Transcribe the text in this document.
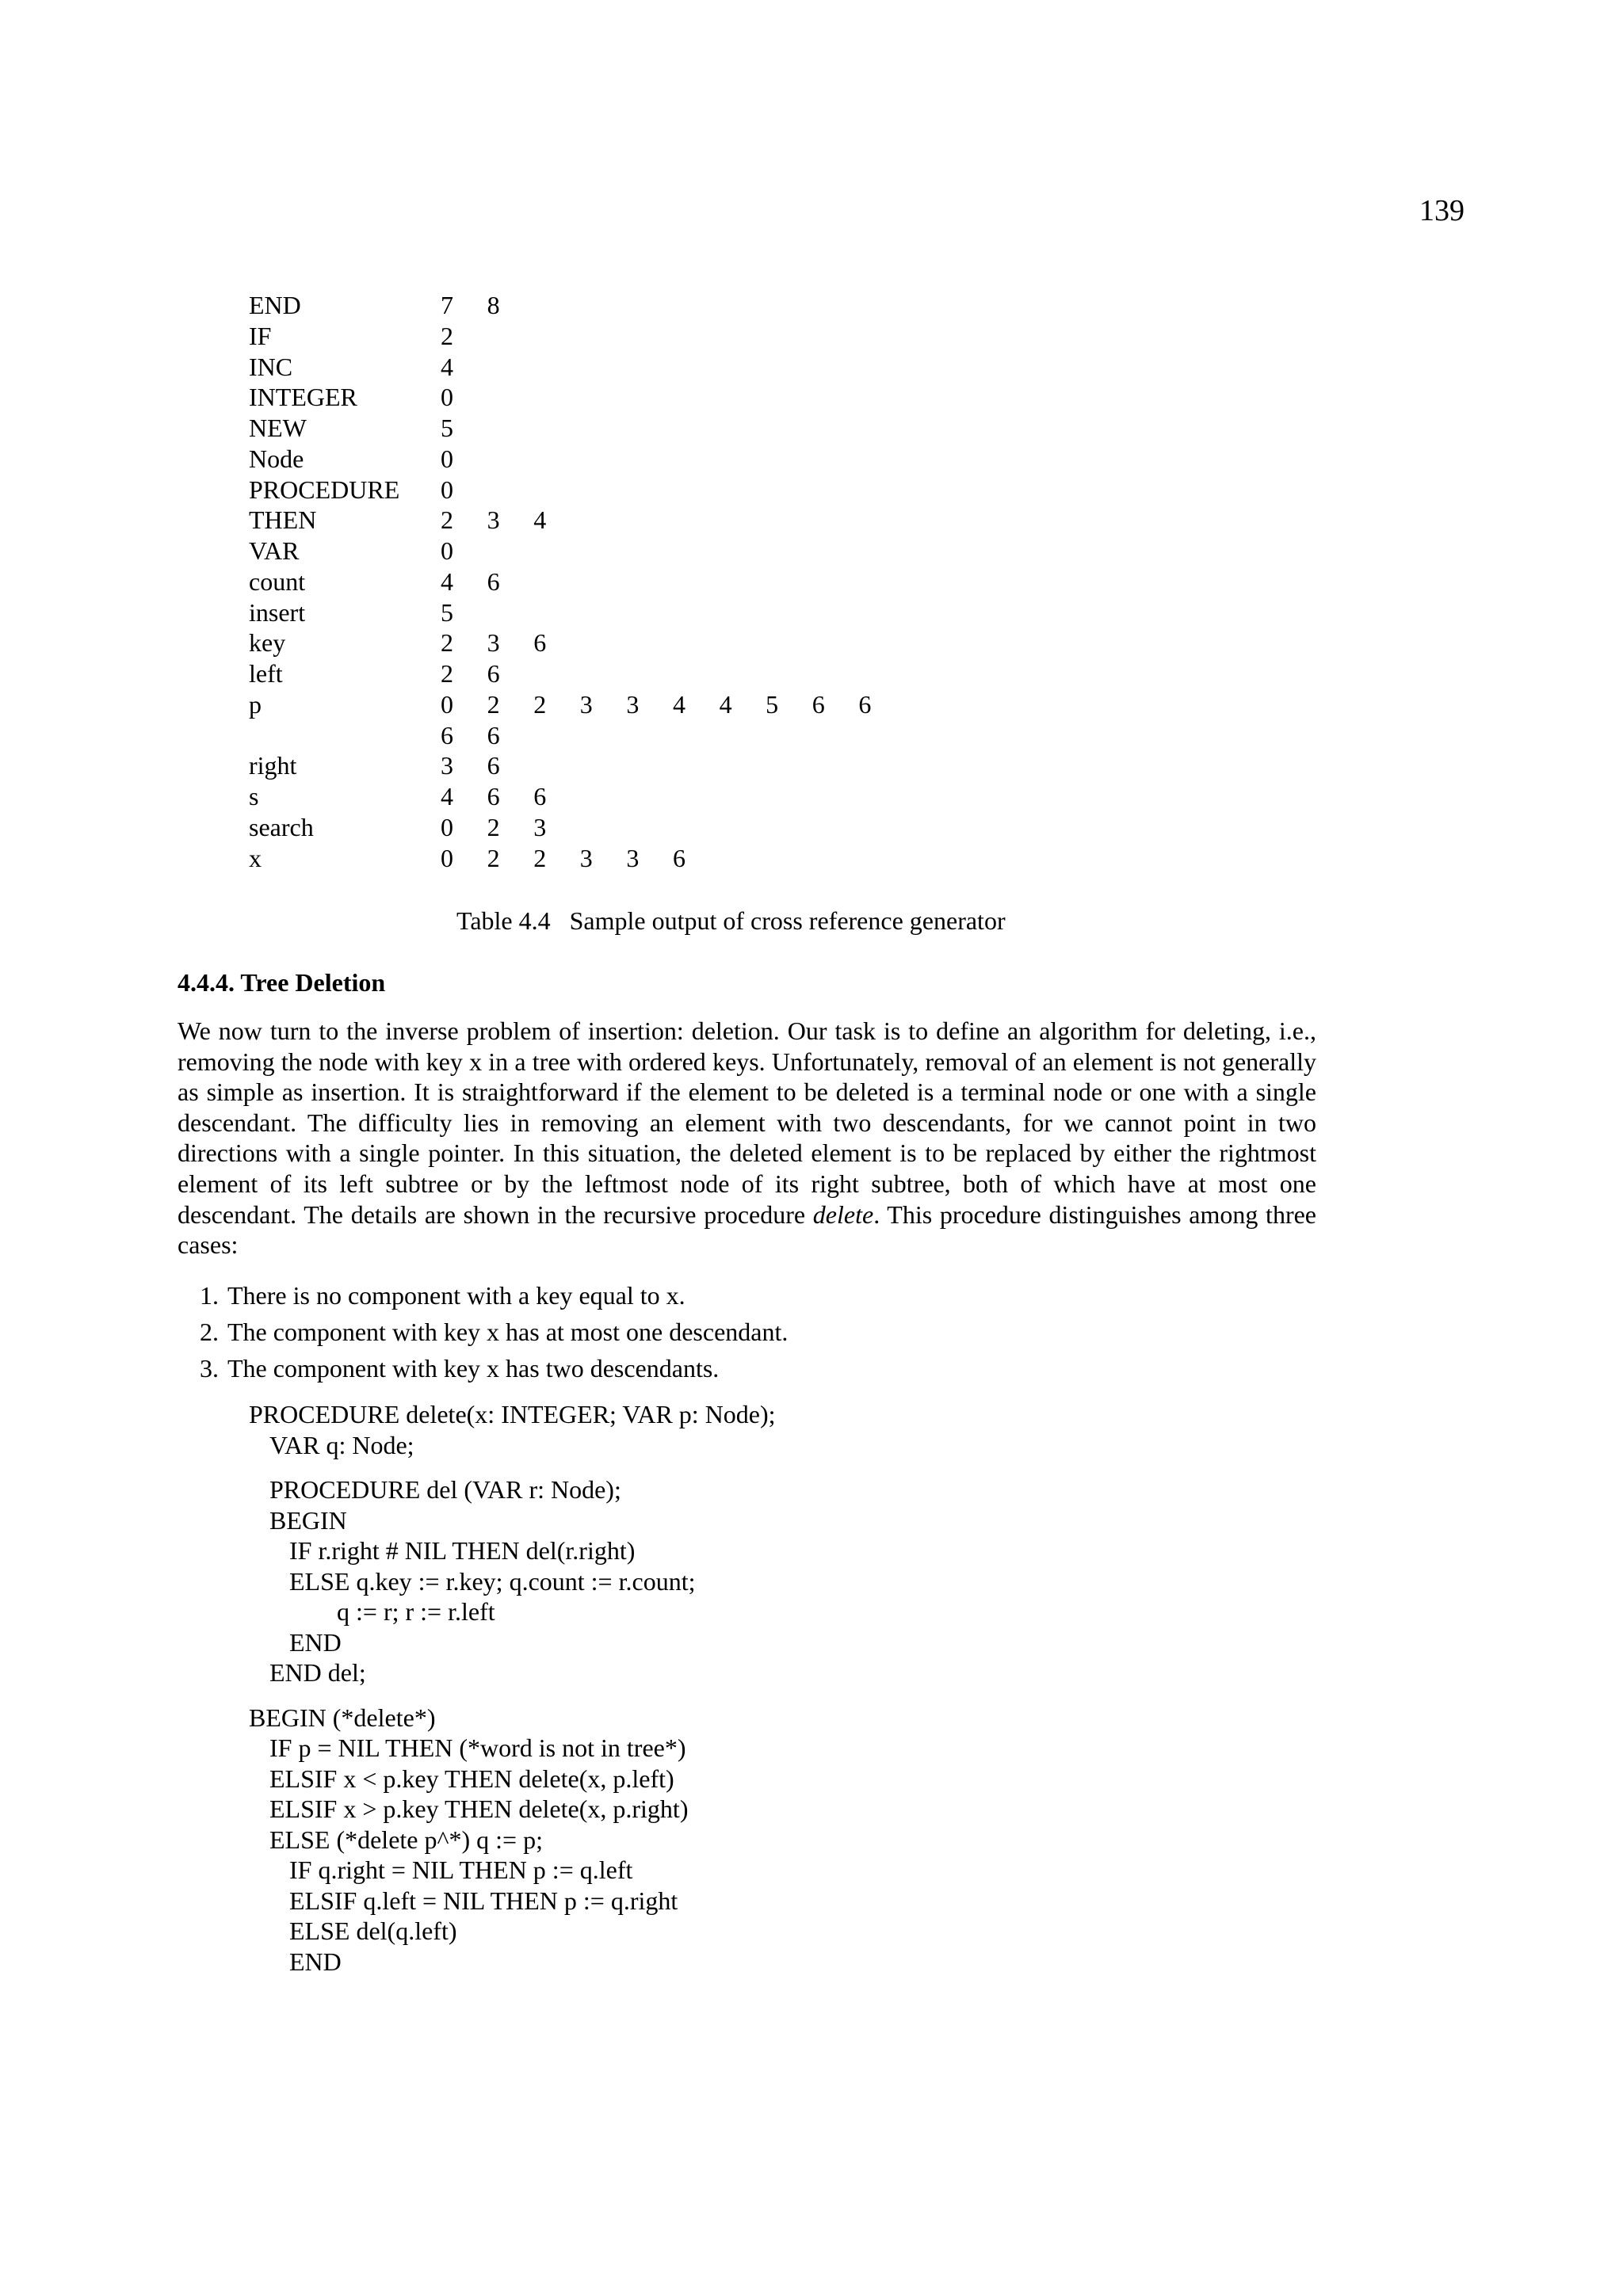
139
END	7 8
IF	2
INC	4
INTEGER	0
NEW	5
Node	0
PROCEDURE 0
THEN	2 3 4
VAR	0
count	4 6
insert	5
key	2 3 6
left	2 6
p	0 2 2 3 3 4 4 5 6 6
6 6
right	3 6
s	4 6 6
search	0 2 3
x	0 2 2 3 3 6
Table 4.4   Sample output of cross reference generator
4.4.4. Tree Deletion
We now turn to the inverse problem of insertion: deletion. Our task is to define an algorithm for deleting, i.e., removing the node with key x in a tree with ordered keys. Unfortunately, removal of an element is not generally as simple as insertion. It is straightforward if the element to be deleted is a terminal node or one with a single descendant. The difficulty lies in removing an element with two descendants, for we cannot point in two directions with a single pointer. In this situation, the deleted element is to be replaced by either the rightmost element of its left subtree or by the leftmost node of its right subtree, both of which have at most one descendant. The details are shown in the recursive procedure delete. This procedure distinguishes among three cases:
1. There is no component with a key equal to x.
2. The component with key x has at most one descendant.
3. The component with key x has two descendants.
PROCEDURE delete(x: INTEGER; VAR p: Node);
VAR q: Node;
PROCEDURE del (VAR r: Node);
BEGIN
IF r.right # NIL THEN del(r.right)
ELSE q.key := r.key; q.count := r.count;
q := r; r := r.left
END
END del;
BEGIN (*delete*)
IF p = NIL THEN (*word is not in tree*)
ELSIF x < p.key THEN delete(x, p.left)
ELSIF x > p.key THEN delete(x, p.right)
ELSE (*delete p^*) q := p;
IF q.right = NIL THEN p := q.left
ELSIF q.left = NIL THEN p := q.right
ELSE del(q.left)
END
